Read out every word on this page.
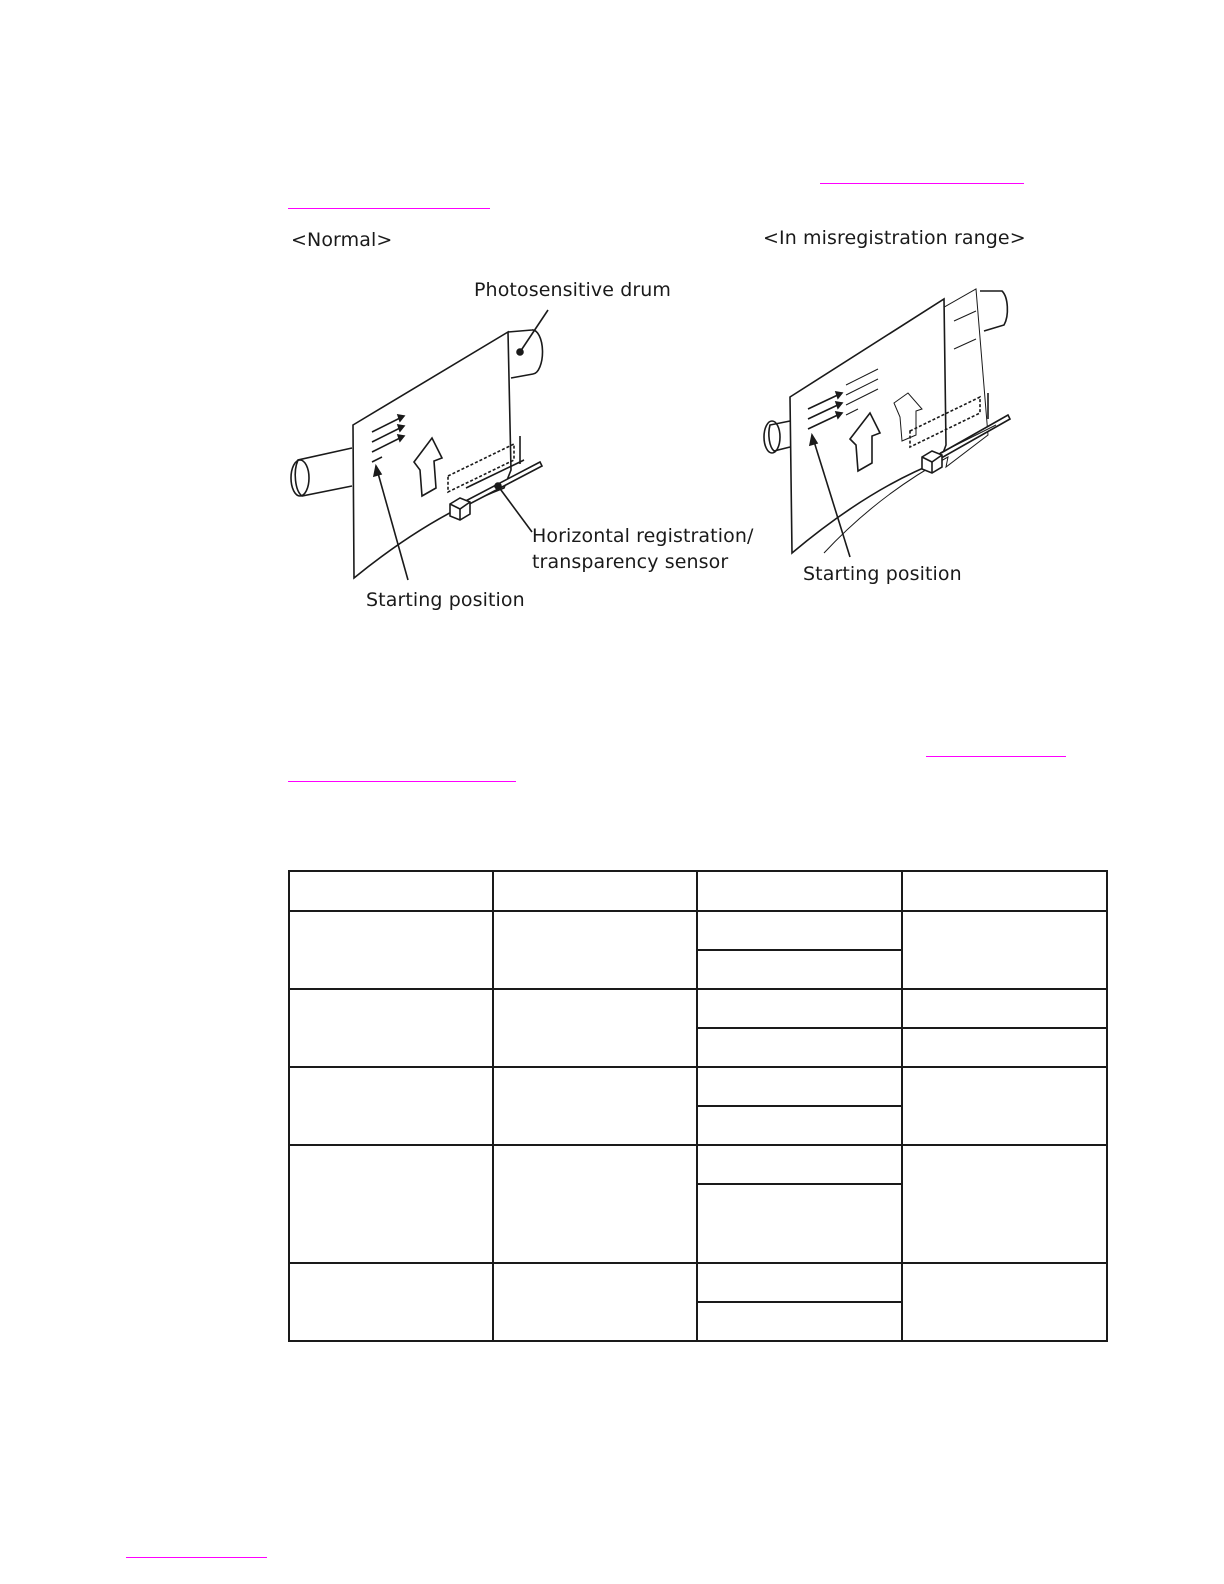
<Normal>	<In misregistration range>
Photosensitive drum
Horizontal registration/
transparency sensor
Starting position
Starting position
